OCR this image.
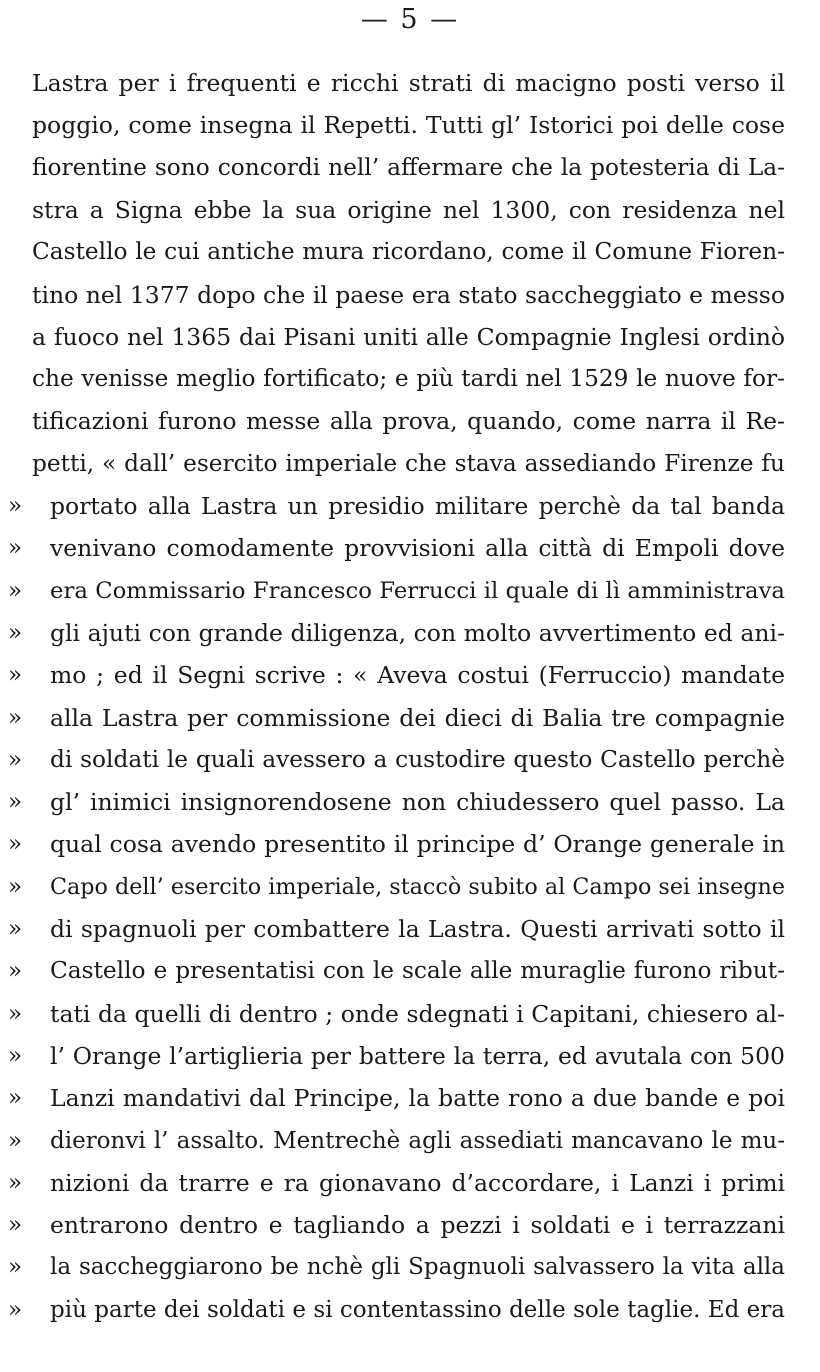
— 5 —
Lastra per i frequenti e ricchi strati di macigno posti verso il
poggio, come insegna il Repetti. Tutti gl’ Istorici poi delle cose
fiorentine sono concordi nell’ affermare che la potesteria di La-
stra a Signa ebbe la sua origine nel 1300, con residenza nel
Castello le cui antiche mura ricordano, come il Comune Fioren-
tino nel 1377 dopo che il paese era stato saccheggiato e messo
a fuoco nel 1365 dai Pisani uniti alle Compagnie Inglesi ordinò
che venisse meglio fortificato; e più tardi nel 1529 le nuove for-
tificazioni furono messe alla prova, quando, come narra il Re-
petti, « dall’ esercito imperiale che stava assediando Firenze fu
»	portato alla Lastra un presidio militare perchè da tal banda
»	venivano comodamente provvisioni alla città di Empoli dove
»	era Commissario Francesco Ferrucci il quale di lì amministrava
»	gli ajuti con grande diligenza, con molto avvertimento ed ani-
»	mo ; ed il Segni scrive : « Aveva costui (Ferruccio) mandate
»	alla Lastra per commissione dei dieci di Balia tre compagnie
»	di soldati le quali avessero a custodire questo Castello perchè
»	gl’ inimici insignorendosene non chiudessero quel passo. La
»	qual cosa avendo presentito il principe d’ Orange generale in
»	Capo dell’ esercito imperiale, staccò subito al Campo sei insegne
»	di spagnuoli per combattere la Lastra. Questi arrivati sotto il
»	Castello e presentatisi con le scale alle muraglie furono ribut-
»	tati da quelli di dentro ; onde sdegnati i Capitani, chiesero al-
»	l’ Orange l’artiglieria per battere la terra, ed avutala con 500
»	Lanzi mandativi dal Principe, la batte rono a due bande e poi
»	dieronvi l’ assalto. Mentrechè agli assediati mancavano le mu-
»	nizioni da trarre e ra gionavano d’accordare, i Lanzi i primi
»	entrarono dentro e tagliando a pezzi i soldati e i terrazzani
»	la saccheggiarono be nchè gli Spagnuoli salvassero la vita alla
»	più parte dei soldati e si contentassino delle sole taglie. Ed era
